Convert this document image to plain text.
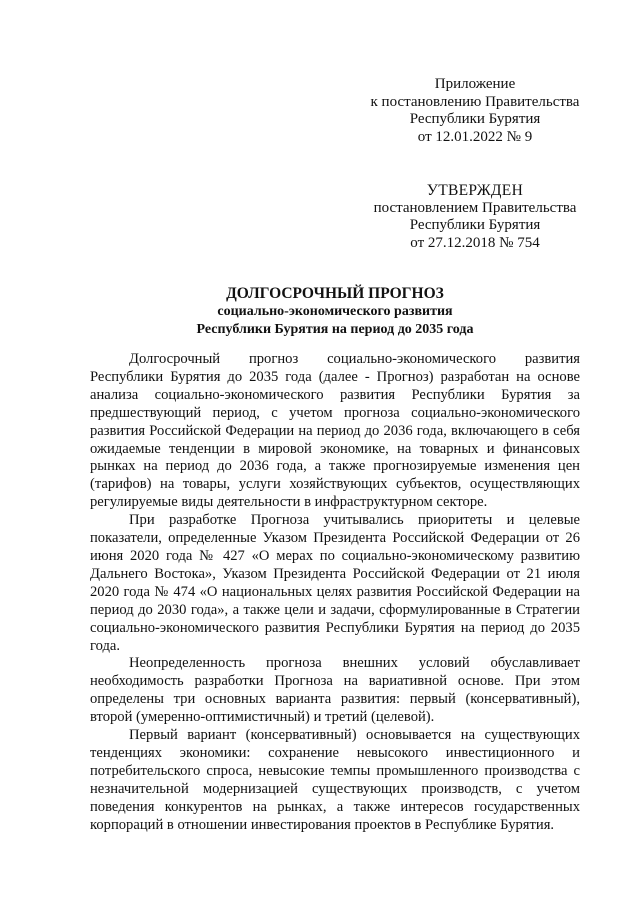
Приложение
к постановлению Правительства
Республики Бурятия
от 12.01.2022 № 9
УТВЕРЖДЕН
постановлением Правительства
Республики Бурятия
от 27.12.2018 № 754
ДОЛГОСРОЧНЫЙ ПРОГНОЗ
социально-экономического развития
Республики Бурятия на период до 2035 года

Долгосрочный прогноз социально-экономического развития Республики Бурятия до 2035 года (далее - Прогноз) разработан на основе анализа социально-экономического развития Республики Бурятия за предшествующий период, с учетом прогноза социально-экономического развития Российской Федерации на период до 2036 года, включающего в себя ожидаемые тенденции в мировой экономике, на товарных и финансовых рынках на период до 2036 года, а также прогнозируемые изменения цен (тарифов) на товары, услуги хозяйствующих субъектов, осуществляющих регулируемые виды деятельности в инфраструктурном секторе.

При разработке Прогноза учитывались приоритеты и целевые показатели, определенные Указом Президента Российской Федерации от 26 июня 2020 года № 427 «О мерах по социально-экономическому развитию Дальнего Востока», Указом Президента Российской Федерации от 21 июля 2020 года № 474 «О национальных целях развития Российской Федерации на период до 2030 года», а также цели и задачи, сформулированные в Стратегии социально-экономического развития Республики Бурятия на период до 2035 года.

Неопределенность прогноза внешних условий обуславливает необходимость разработки Прогноза на вариативной основе. При этом определены три основных варианта развития: первый (консервативный), второй (умеренно-оптимистичный) и третий (целевой).

Первый вариант (консервативный) основывается на существующих тенденциях экономики: сохранение невысокого инвестиционного и потребительского спроса, невысокие темпы промышленного производства с незначительной модернизацией существующих производств, с учетом поведения конкурентов на рынках, а также интересов государственных корпораций в отношении инвестирования проектов в Республике Бурятия.
